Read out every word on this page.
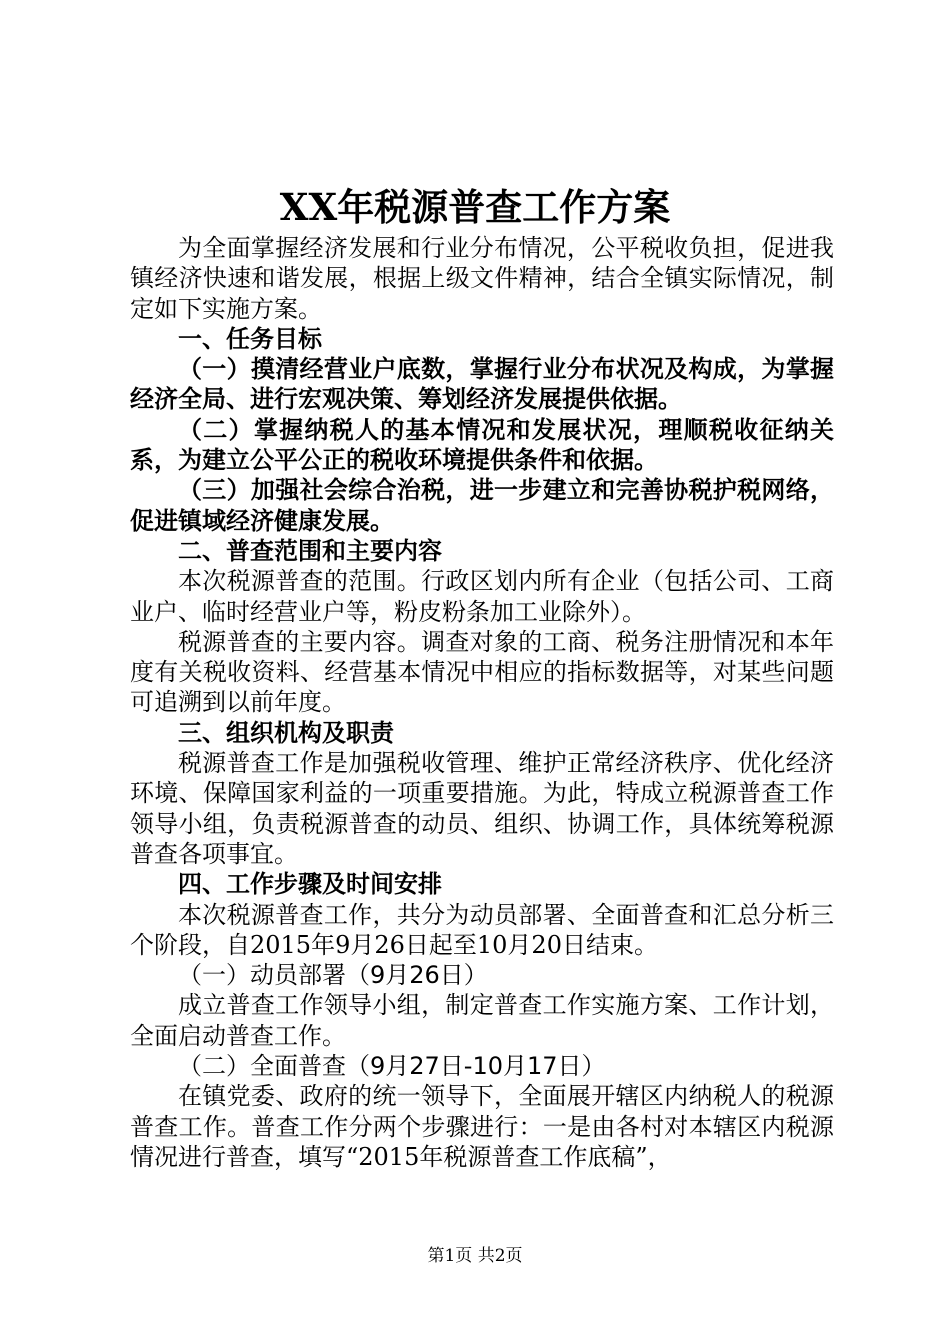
XX年税源普查工作方案

为全面掌握经济发展和行业分布情况，公平税收负担，促进我镇经济快速和谐发展，根据上级文件精神，结合全镇实际情况，制定如下实施方案。

一、任务目标

（一）摸清经营业户底数，掌握行业分布状况及构成，为掌握经济全局、进行宏观决策、筹划经济发展提供依据。

（二）掌握纳税人的基本情况和发展状况，理顺税收征纳关系，为建立公平公正的税收环境提供条件和依据。

（三）加强社会综合治税，进一步建立和完善协税护税网络，促进镇域经济健康发展。

二、普查范围和主要内容

本次税源普查的范围。行政区划内所有企业（包括公司、工商业户、临时经营业户等，粉皮粉条加工业除外）。

税源普查的主要内容。调查对象的工商、税务注册情况和本年度有关税收资料、经营基本情况中相应的指标数据等，对某些问题可追溯到以前年度。

三、组织机构及职责

税源普查工作是加强税收管理、维护正常经济秩序、优化经济环境、保障国家利益的一项重要措施。为此，特成立税源普查工作领导小组，负责税源普查的动员、组织、协调工作，具体统筹税源普查各项事宜。

四、工作步骤及时间安排

本次税源普查工作，共分为动员部署、全面普查和汇总分析三个阶段，自2015年9月26日起至10月20日结束。

（一）动员部署（9月26日）

成立普查工作领导小组，制定普查工作实施方案、工作计划，全面启动普查工作。

（二）全面普查（9月27日-10月17日）

在镇党委、政府的统一领导下，全面展开辖区内纳税人的税源普查工作。普查工作分两个步骤进行：一是由各村对本辖区内税源情况进行普查，填写“2015年税源普查工作底稿”，

第1页 共2页
